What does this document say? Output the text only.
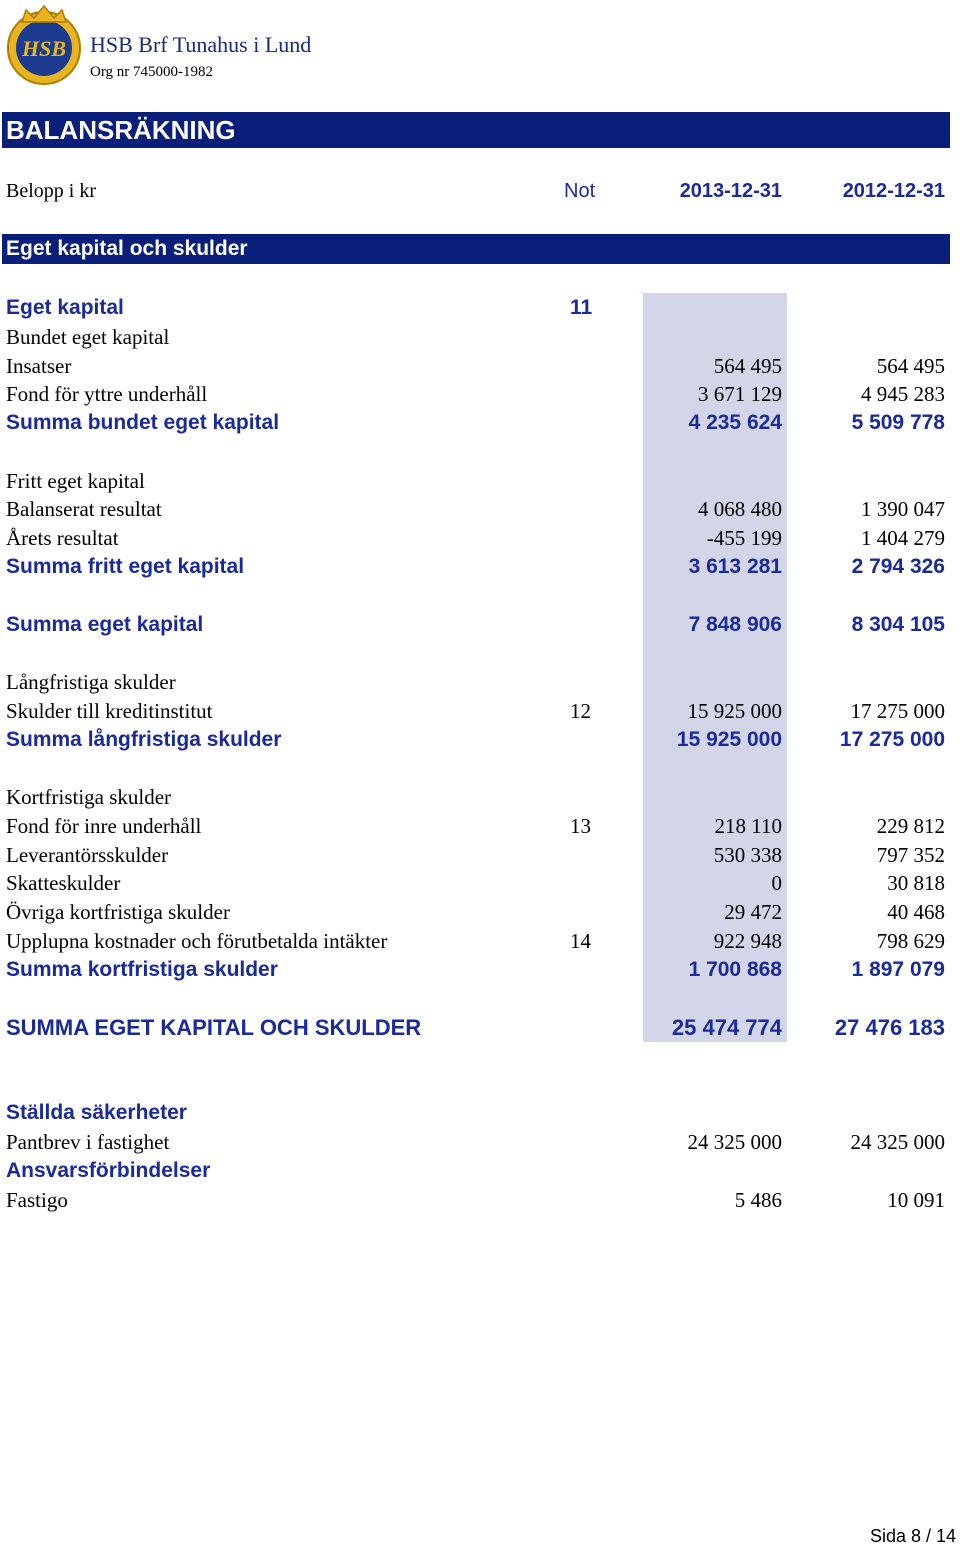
HSB HSB Brf Tunahus i Lund
Org nr 745000-1982
BALANSRÄKNING
Belopp i kr	Not	2013-12-31	2012-12-31
Eget kapital och skulder
Eget kapital	11
Bundet eget kapital
Insatser	564 495	564 495
Fond för yttre underhåll	3 671 129	4 945 283
Summa bundet eget kapital	4 235 624	5 509 778
Fritt eget kapital
Balanserat resultat	4 068 480	1 390 047
Årets resultat	-455 199	1 404 279
Summa fritt eget kapital	3 613 281	2 794 326
Summa eget kapital	7 848 906	8 304 105
Långfristiga skulder
Skulder till kreditinstitut	12	15 925 000	17 275 000
Summa långfristiga skulder	15 925 000	17 275 000
Kortfristiga skulder
Fond för inre underhåll	13	218 110	229 812
Leverantörsskulder	530 338	797 352
Skatteskulder	0	30 818
Övriga kortfristiga skulder	29 472	40 468
Upplupna kostnader och förutbetalda intäkter	14	922 948	798 629
Summa kortfristiga skulder	1 700 868	1 897 079
SUMMA EGET KAPITAL OCH SKULDER	25 474 774	27 476 183
Ställda säkerheter
Pantbrev i fastighet	24 325 000	24 325 000
Ansvarsförbindelser
Fastigo	5 486	10 091
Sida 8 / 14
